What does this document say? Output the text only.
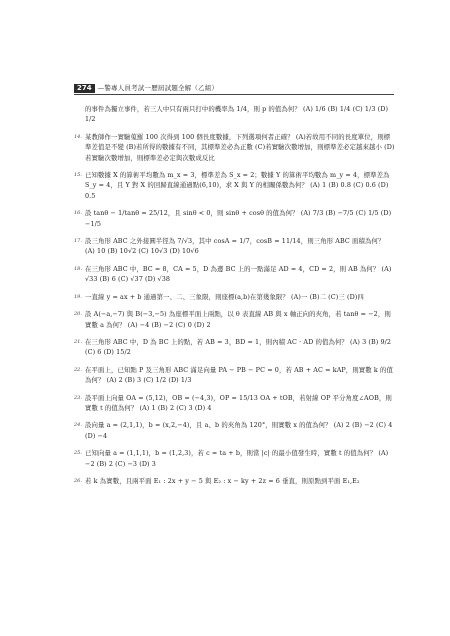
274 —警專人員考試一歷屆試題全解（乙組）
的事件為獨立事件，若三人中只有兩只打中的機率為 1/4，則 p 的值為何？ (A) 1/6 (B) 1/4 (C) 1/3 (D) 1/2
14. 某教師作一實驗蒐羅 100 次得到 100 個長度數據，下列選項何者正確？ (A)若故用不同的長度單位，則標準差值是不變 (B)若所得的數據有不同，其標準差必為正數 (C)若實驗次數增加，則標準差必定越來越小 (D)若實驗次數增加，則標準差必定與次數成反比
15. 已知數據 X 的算術平均數為 m_x = 3，標準差為 S_x = 2；數據 Y 的算術平均數為 m_y = 4，標準差為 S_y = 4，且 Y 對 X 的回歸直線通過點(6,10)，求 X 與 Y 的相關係數為何？ (A) 1 (B) 0.8 (C) 0.6 (D) 0.5
16. 設 tanθ − 1/tanθ = 25/12，且 sinθ < 0，則 sinθ + cosθ 的值為何？ (A) 7/3 (B) −7/5 (C) 1/5 (D) −1/5
17. 設三角形 ABC 之外接圓半徑為 7/√3，其中 cosA = 1/7，cosB = 11/14，則三角形 ABC 面積為何？ (A) 10 (B) 10√2 (C) 10√3 (D) 10√6
18. 在三角形 ABC 中，BC = 8，CA = 5，D 為邊 BC 上的一點滿足 AD = 4，CD = 2，則 AB 為何？ (A) √33 (B) 6 (C) √37 (D) √38
19. 一直線 y = ax + b 通過第一、二、三象限，則座標(a,b)在第幾象限？ (A)一 (B)二 (C)三 (D)四
20. 設 A(−a,−7) 與 B(−3,−5) 為座標平面上兩點，以 θ 表直線 AB 與 x 軸正向的夾角，若 tanθ = −2，則實數 a 為何？ (A) −4 (B) −2 (C) 0 (D) 2
21. 在三角形 ABC 中，D 為 BC 上的點，若 AB = 3，BD = 1，則內積 AC · AD 的值為何？ (A) 3 (B) 9/2 (C) 6 (D) 15/2
22. 在平面上，已知點 P 及三角形 ABC 滿足向量 PA − PB − PC = 0，若 AB + AC = kAP，則實數 k 的值為何？ (A) 2 (B) 3 (C) 1/2 (D) 1/3
23. 設平面上向量 OA = (5,12)，OB = (−4,3)，OP = 15/13 OA + tOB，若射線 OP 平分角度∠AOB，則實數 t 的值為何？ (A) 1 (B) 2 (C) 3 (D) 4
24. 設向量 a = (2,1,1)，b = (x,2,−4)，且 a、b 的夾角為 120°，則實數 x 的值為何？ (A) 2 (B) −2 (C) 4 (D) −4
25. 已知向量 a = (1,1,1)，b = (1,2,3)，若 c = ta + b，則當 |c| 的最小值發生時，實數 t 的值為何？ (A) −2 (B) 2 (C) −3 (D) 3
26. 若 k 為實數，且兩平面 E₁ : 2x + y − 5 與 E₂ : x − ky + 2z = 6 垂直，則原點到平面 E₁,E₂
